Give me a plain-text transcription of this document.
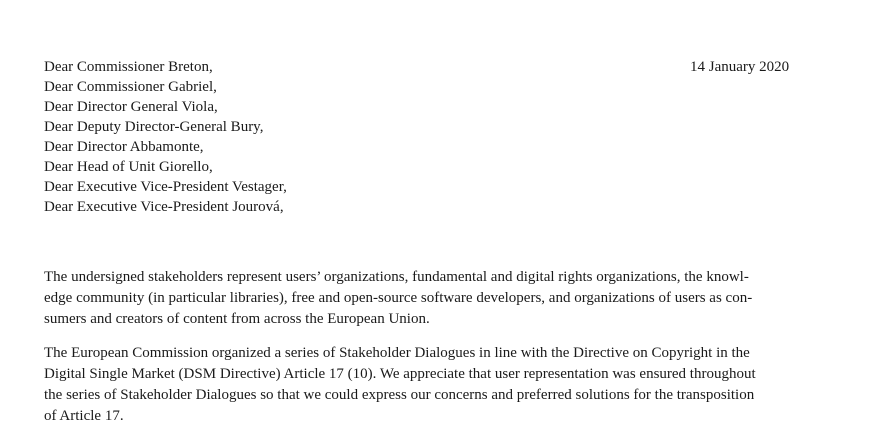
14 January 2020
Dear Commissioner Breton,
Dear Commissioner Gabriel,
Dear Director General Viola,
Dear Deputy Director-General Bury,
Dear Director Abbamonte,
Dear Head of Unit Giorello,
Dear Executive Vice-President Vestager,
Dear Executive Vice-President Jourová,
The undersigned stakeholders represent users’ organizations, fundamental and digital rights organizations, the knowl-
edge community (in particular libraries), free and open-source software developers, and organizations of users as con-
sumers and creators of content from across the European Union.
The European Commission organized a series of Stakeholder Dialogues in line with the Directive on Copyright in the
Digital Single Market (DSM Directive) Article 17 (10). We appreciate that user representation was ensured throughout
the series of Stakeholder Dialogues so that we could express our concerns and preferred solutions for the transposition
of Article 17.
